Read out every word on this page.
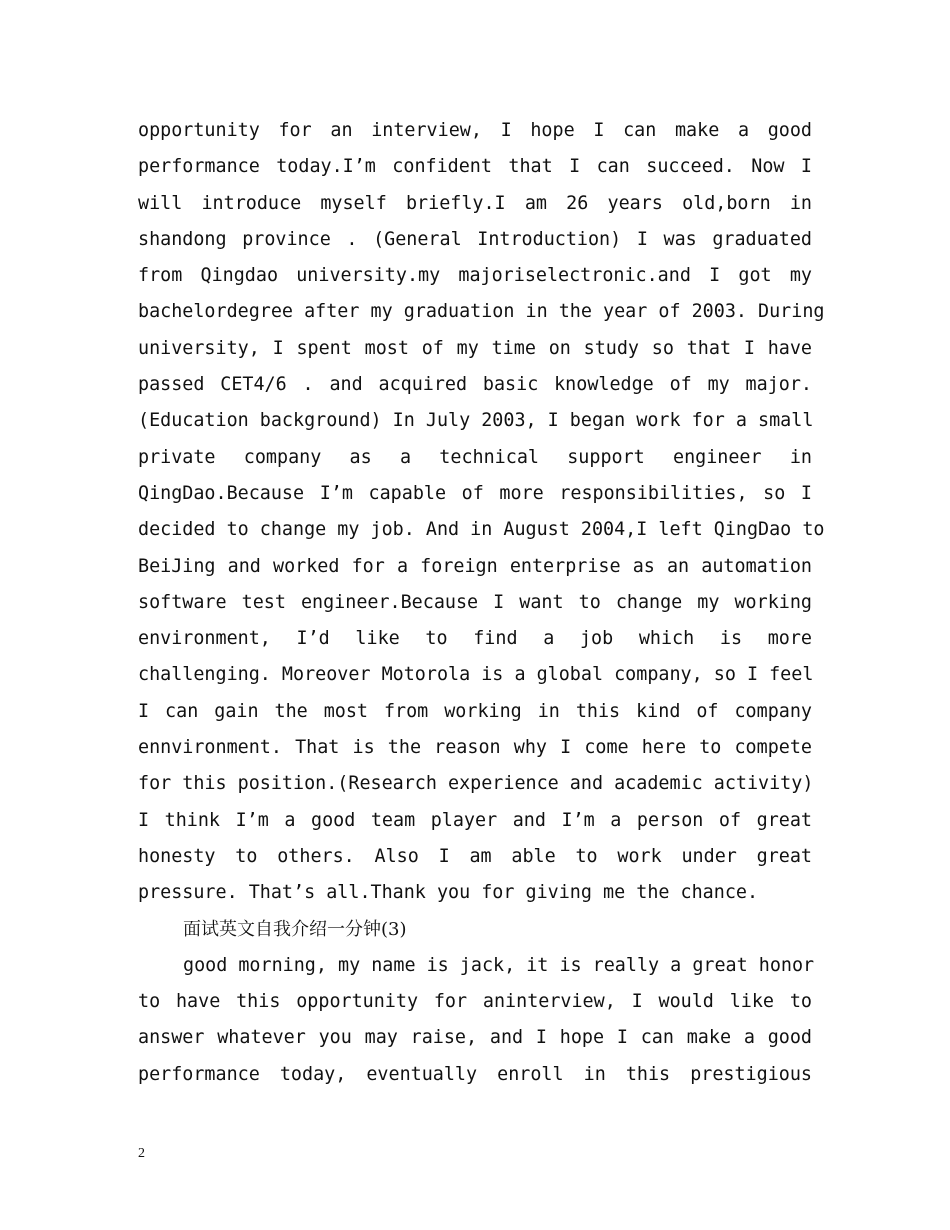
opportunity for an interview, I hope I can make a good
performance today.I’m confident that I can succeed. Now I
will introduce myself briefly.I am 26 years old,born in
shandong province . (General Introduction) I was graduated
from Qingdao university.my majoriselectronic.and I got my
bachelordegree after my graduation in the year of 2003. During
university, I spent most of my time on study so that I have
passed CET4/6 . and acquired basic knowledge of my major.
(Education background) In July 2003, I began work for a small
private company as a technical support engineer in
QingDao.Because I’m capable of more responsibilities, so I
decided to change my job. And in August 2004,I left QingDao to
BeiJing and worked for a foreign enterprise as an automation
software test engineer.Because I want to change my working
environment, I’d like to find a job which is more
challenging. Moreover Motorola is a global company, so I feel
I can gain the most from working in this kind of company
ennvironment. That is the reason why I come here to compete
for this position.(Research experience and academic activity)
I think I’m a good team player and I’m a person of great
honesty to others. Also I am able to work under great
pressure. That’s all.Thank you for giving me the chance.
面试英文自我介绍一分钟(3)
good morning, my name is jack, it is really a great honor
to have this opportunity for aninterview, I would like to
answer whatever you may raise, and I hope I can make a good
performance today, eventually enroll in this prestigious
2
